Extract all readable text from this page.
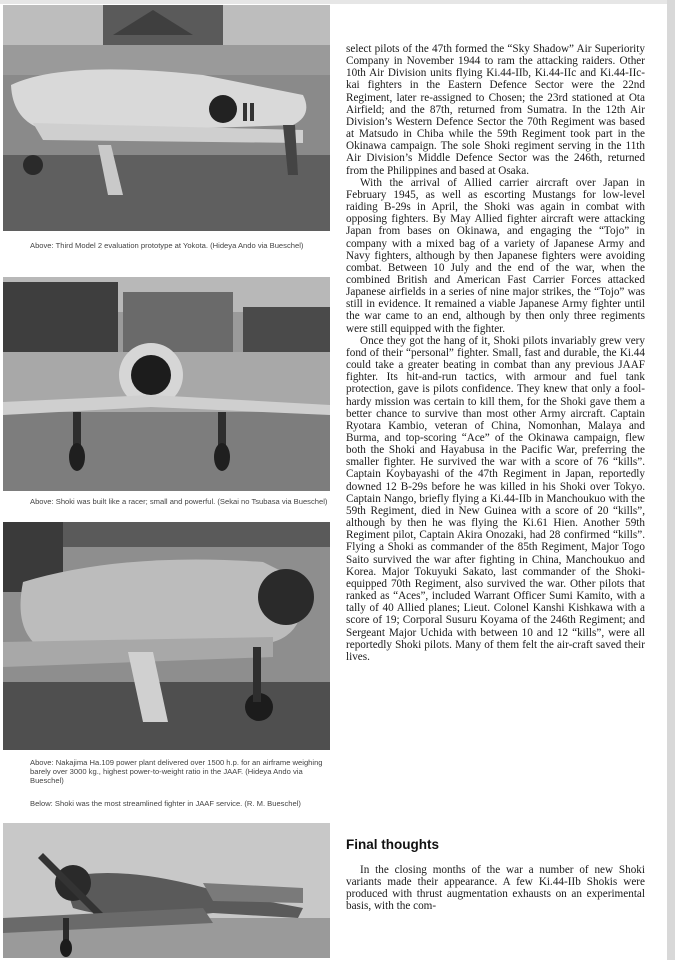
Above: Third Model 2 evaluation prototype at Yokota. (Hideya Ando via Bueschel)
Above: Shoki was built like a racer; small and powerful. (Sekai no Tsubasa via Bueschel)
Above: Nakajima Ha.109 power plant delivered over 1500 h.p. for an airframe weighing barely over 3000 kg., highest power-to-weight ratio in the JAAF. (Hideya Ando via Bueschel)
Below: Shoki was the most streamlined fighter in JAAF service. (R. M. Bueschel)

select pilots of the 47th formed the “Sky Shadow” Air Superiority Company in November 1944 to ram the attacking raiders. Other 10th Air Division units flying Ki.44-IIb, Ki.44-IIc and Ki.44-IIc-kai fighters in the Eastern Defence Sector were the 22nd Regiment, later re-assigned to Chosen; the 23rd stationed at Ota Airfield; and the 87th, returned from Sumatra. In the 12th Air Division’s Western Defence Sector the 70th Regiment was based at Matsudo in Chiba while the 59th Regiment took part in the Okinawa campaign. The sole Shoki regiment serving in the 11th Air Division’s Middle Defence Sector was the 246th, returned from the Philippines and based at Osaka.

With the arrival of Allied carrier aircraft over Japan in February 1945, as well as escorting Mustangs for low-level raiding B-29s in April, the Shoki was again in combat with opposing fighters. By May Allied fighter aircraft were attacking Japan from bases on Okinawa, and engaging the “Tojo” in company with a mixed bag of a variety of Japanese Army and Navy fighters, although by then Japanese fighters were avoiding combat. Between 10 July and the end of the war, when the combined British and American Fast Carrier Forces attacked Japanese airfields in a series of nine major strikes, the “Tojo” was still in evidence. It remained a viable Japanese Army fighter until the war came to an end, although by then only three regiments were still equipped with the fighter.

Once they got the hang of it, Shoki pilots invariably grew very fond of their “personal” fighter. Small, fast and durable, the Ki.44 could take a greater beating in combat than any previous JAAF fighter. Its hit-and-run tactics, with armour and fuel tank protection, gave is pilots confidence. They knew that only a fool-hardy mission was certain to kill them, for the Shoki gave them a better chance to survive than most other Army aircraft. Captain Ryotara Kambio, veteran of China, Nomonhan, Malaya and Burma, and top-scoring “Ace” of the Okinawa campaign, flew both the Shoki and Hayabusa in the Pacific War, preferring the smaller fighter. He survived the war with a score of 76 “kills”. Captain Koybayashi of the 47th Regiment in Japan, reportedly downed 12 B-29s before he was killed in his Shoki over Tokyo. Captain Nango, briefly flying a Ki.44-IIb in Manchoukuo with the 59th Regiment, died in New Guinea with a score of 20 “kills”, although by then he was flying the Ki.61 Hien. Another 59th Regiment pilot, Captain Akira Onozaki, had 28 confirmed “kills”. Flying a Shoki as commander of the 85th Regiment, Major Togo Saito survived the war after fighting in China, Manchoukuo and Korea. Major Tokuyuki Sakato, last commander of the Shoki-equipped 70th Regiment, also survived the war. Other pilots that ranked as “Aces”, included Warrant Officer Sumi Kamito, with a tally of 40 Allied planes; Lieut. Colonel Kanshi Kishkawa with a score of 19; Corporal Susuru Koyama of the 246th Regiment; and Sergeant Major Uchida with between 10 and 12 “kills”, were all reportedly Shoki pilots. Many of them felt the air-craft saved their lives.

Final thoughts

In the closing months of the war a number of new Shoki variants made their appearance. A few Ki.44-IIb Shokis were produced with thrust augmentation exhausts on an experimental basis, with the com-
